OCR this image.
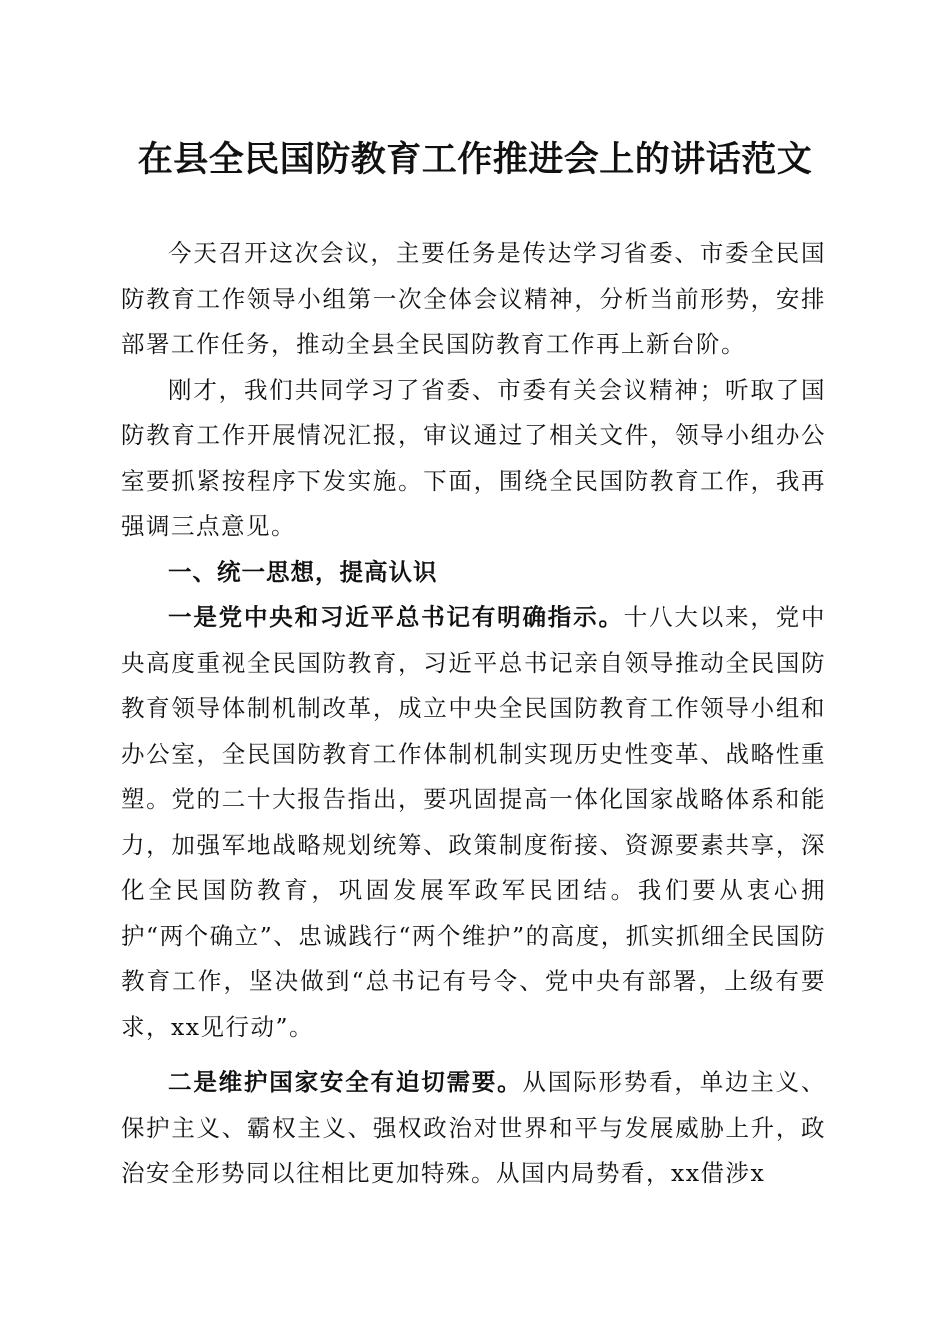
在县全民国防教育工作推进会上的讲话范文

今天召开这次会议，主要任务是传达学习省委、市委全民国防教育工作领导小组第一次全体会议精神，分析当前形势，安排部署工作任务，推动全县全民国防教育工作再上新台阶。

刚才，我们共同学习了省委、市委有关会议精神；听取了国防教育工作开展情况汇报，审议通过了相关文件，领导小组办公室要抓紧按程序下发实施。下面，围绕全民国防教育工作，我再强调三点意见。

一、统一思想，提高认识

一是党中央和习近平总书记有明确指示。十八大以来，党中央高度重视全民国防教育，习近平总书记亲自领导推动全民国防教育领导体制机制改革，成立中央全民国防教育工作领导小组和办公室，全民国防教育工作体制机制实现历史性变革、战略性重塑。党的二十大报告指出，要巩固提高一体化国家战略体系和能力，加强军地战略规划统筹、政策制度衔接、资源要素共享，深化全民国防教育，巩固发展军政军民团结。我们要从衷心拥护“两个确立”、忠诚践行“两个维护”的高度，抓实抓细全民国防教育工作，坚决做到“总书记有号令、党中央有部署，上级有要求，xx见行动”。

二是维护国家安全有迫切需要。从国际形势看，单边主义、保护主义、霸权主义、强权政治对世界和平与发展威胁上升，政治安全形势同以往相比更加特殊。从国内局势看，xx借涉x
